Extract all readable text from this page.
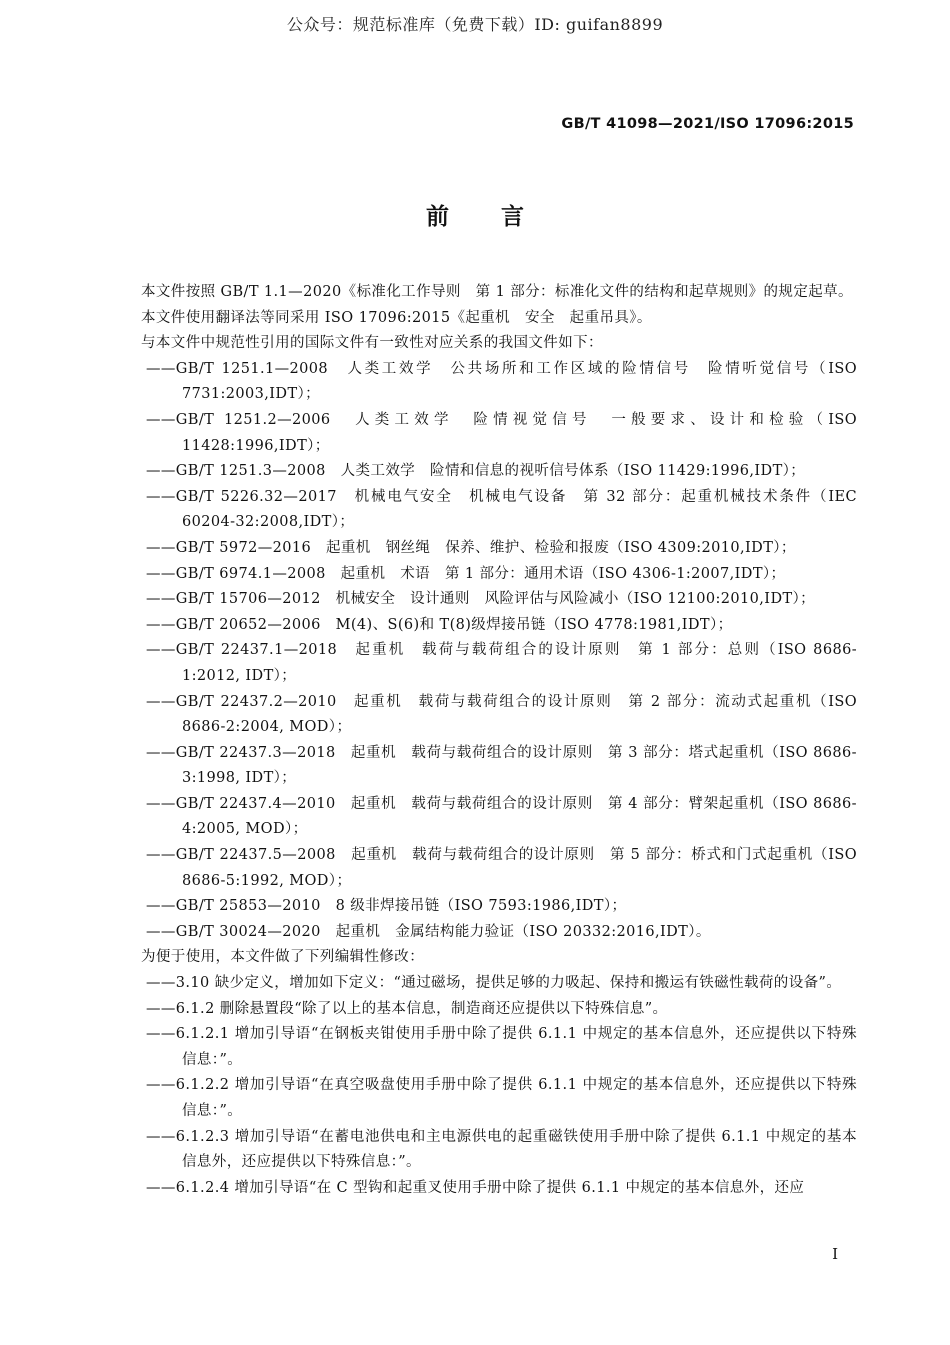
公众号：规范标准库（免费下载）ID: guifan8899
GB/T 41098—2021/ISO 17096:2015
前言

本文件按照 GB/T 1.1—2020《标准化工作导则　第 1 部分：标准化文件的结构和起草规则》的规定起草。

本文件使用翻译法等同采用 ISO 17096:2015《起重机　安全　起重吊具》。

与本文件中规范性引用的国际文件有一致性对应关系的我国文件如下：

——GB/T 1251.1—2008　人类工效学　公共场所和工作区域的险情信号　险情听觉信号（ISO 7731:2003,IDT）；

——GB/T 1251.2—2006　人类工效学　险情视觉信号　一般要求、设计和检验（ISO 11428:1996,IDT）；

——GB/T 1251.3—2008　人类工效学　险情和信息的视听信号体系（ISO 11429:1996,IDT）；

——GB/T 5226.32—2017　机械电气安全　机械电气设备　第 32 部分：起重机械技术条件（IEC 60204-32:2008,IDT）；

——GB/T 5972—2016　起重机　钢丝绳　保养、维护、检验和报废（ISO 4309:2010,IDT）；

——GB/T 6974.1—2008　起重机　术语　第 1 部分：通用术语（ISO 4306-1:2007,IDT）；

——GB/T 15706—2012　机械安全　设计通则　风险评估与风险减小（ISO 12100:2010,IDT）；

——GB/T 20652—2006　M(4)、S(6)和 T(8)级焊接吊链（ISO 4778:1981,IDT）；

——GB/T 22437.1—2018　起重机　载荷与载荷组合的设计原则　第 1 部分：总则（ISO 8686-1:2012, IDT）；

——GB/T 22437.2—2010　起重机　载荷与载荷组合的设计原则　第 2 部分：流动式起重机（ISO 8686-2:2004, MOD）；

——GB/T 22437.3—2018　起重机　载荷与载荷组合的设计原则　第 3 部分：塔式起重机（ISO 8686-3:1998, IDT）；

——GB/T 22437.4—2010　起重机　载荷与载荷组合的设计原则　第 4 部分：臂架起重机（ISO 8686-4:2005, MOD）；

——GB/T 22437.5—2008　起重机　载荷与载荷组合的设计原则　第 5 部分：桥式和门式起重机（ISO 8686-5:1992, MOD）；

——GB/T 25853—2010　8 级非焊接吊链（ISO 7593:1986,IDT）；

——GB/T 30024—2020　起重机　金属结构能力验证（ISO 20332:2016,IDT）。

为便于使用，本文件做了下列编辑性修改：

——3.10 缺少定义，增加如下定义：“通过磁场，提供足够的力吸起、保持和搬运有铁磁性载荷的设备”。

——6.1.2 删除悬置段“除了以上的基本信息，制造商还应提供以下特殊信息”。

——6.1.2.1 增加引导语“在钢板夹钳使用手册中除了提供 6.1.1 中规定的基本信息外，还应提供以下特殊信息：”。

——6.1.2.2 增加引导语“在真空吸盘使用手册中除了提供 6.1.1 中规定的基本信息外，还应提供以下特殊信息：”。

——6.1.2.3 增加引导语“在蓄电池供电和主电源供电的起重磁铁使用手册中除了提供 6.1.1 中规定的基本信息外，还应提供以下特殊信息：”。

——6.1.2.4 增加引导语“在 C 型钩和起重叉使用手册中除了提供 6.1.1 中规定的基本信息外，还应

I
